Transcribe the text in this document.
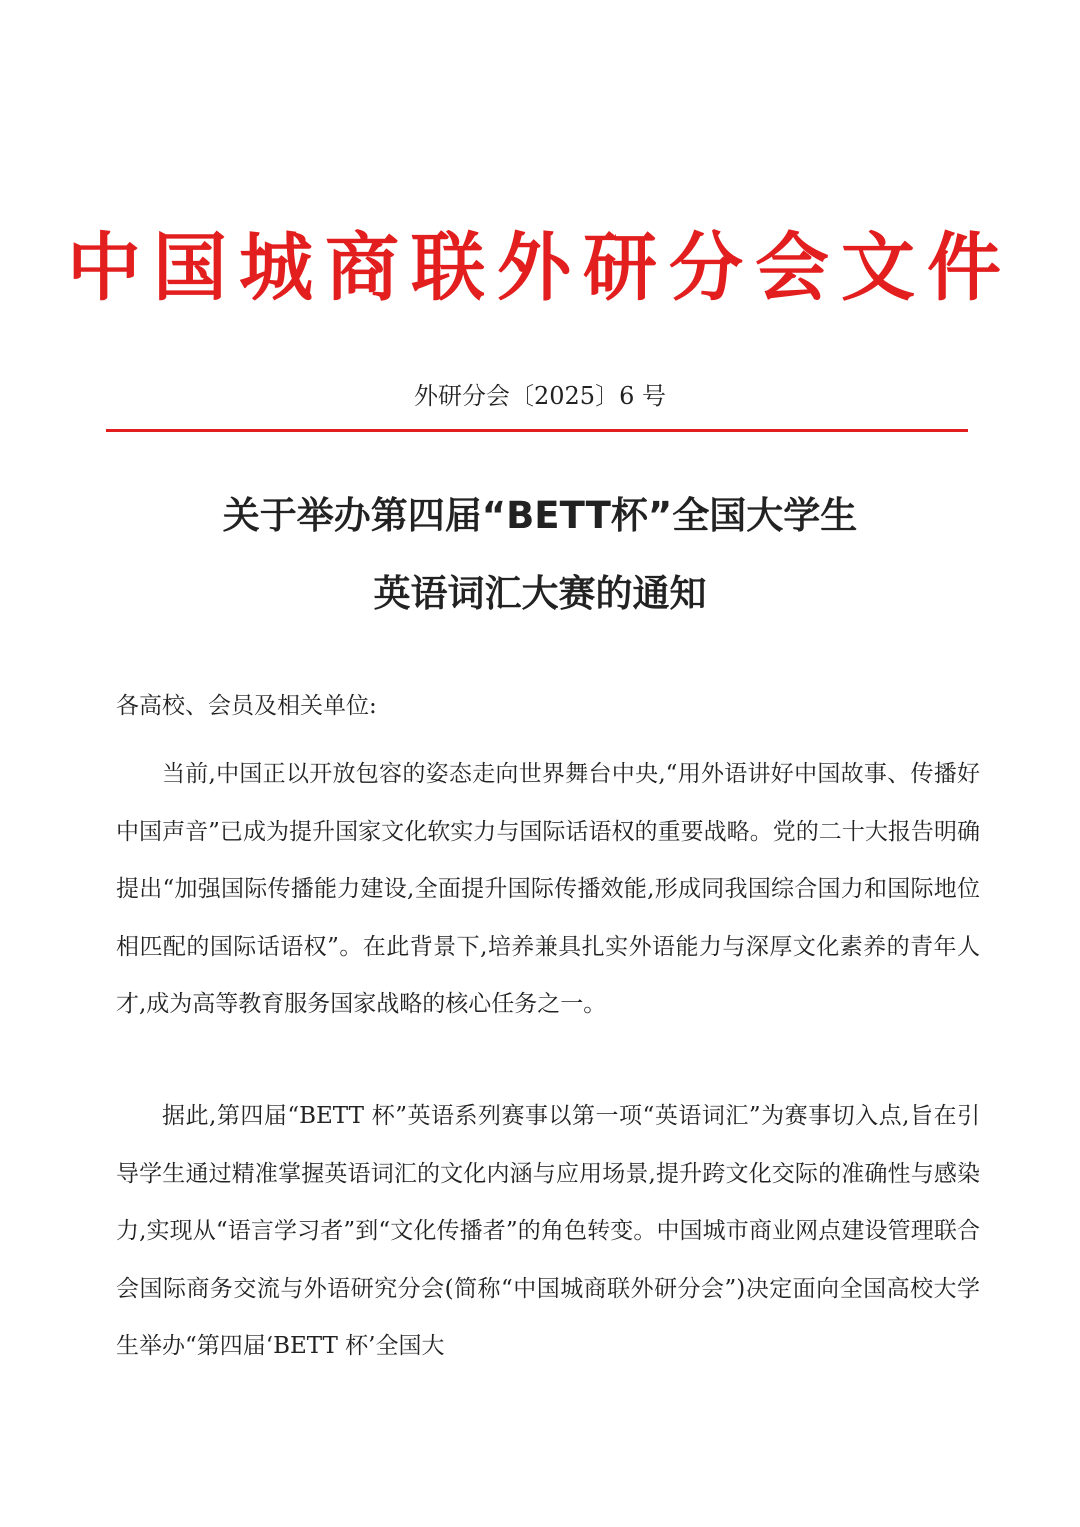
中国城商联外研分会文件
外研分会〔2025〕6 号
关于举办第四届“BETT杯”全国大学生
英语词汇大赛的通知
各高校、会员及相关单位:

当前,中国正以开放包容的姿态走向世界舞台中央,“用外语讲好中国故事、传播好中国声音”已成为提升国家文化软实力与国际话语权的重要战略。党的二十大报告明确提出“加强国际传播能力建设,全面提升国际传播效能,形成同我国综合国力和国际地位相匹配的国际话语权”。在此背景下,培养兼具扎实外语能力与深厚文化素养的青年人才,成为高等教育服务国家战略的核心任务之一。

据此,第四届“BETT 杯”英语系列赛事以第一项“英语词汇”为赛事切入点,旨在引导学生通过精准掌握英语词汇的文化内涵与应用场景,提升跨文化交际的准确性与感染力,实现从“语言学习者”到“文化传播者”的角色转变。中国城市商业网点建设管理联合会国际商务交流与外语研究分会(简称“中国城商联外研分会”)决定面向全国高校大学生举办“第四届‘BETT 杯’全国大
